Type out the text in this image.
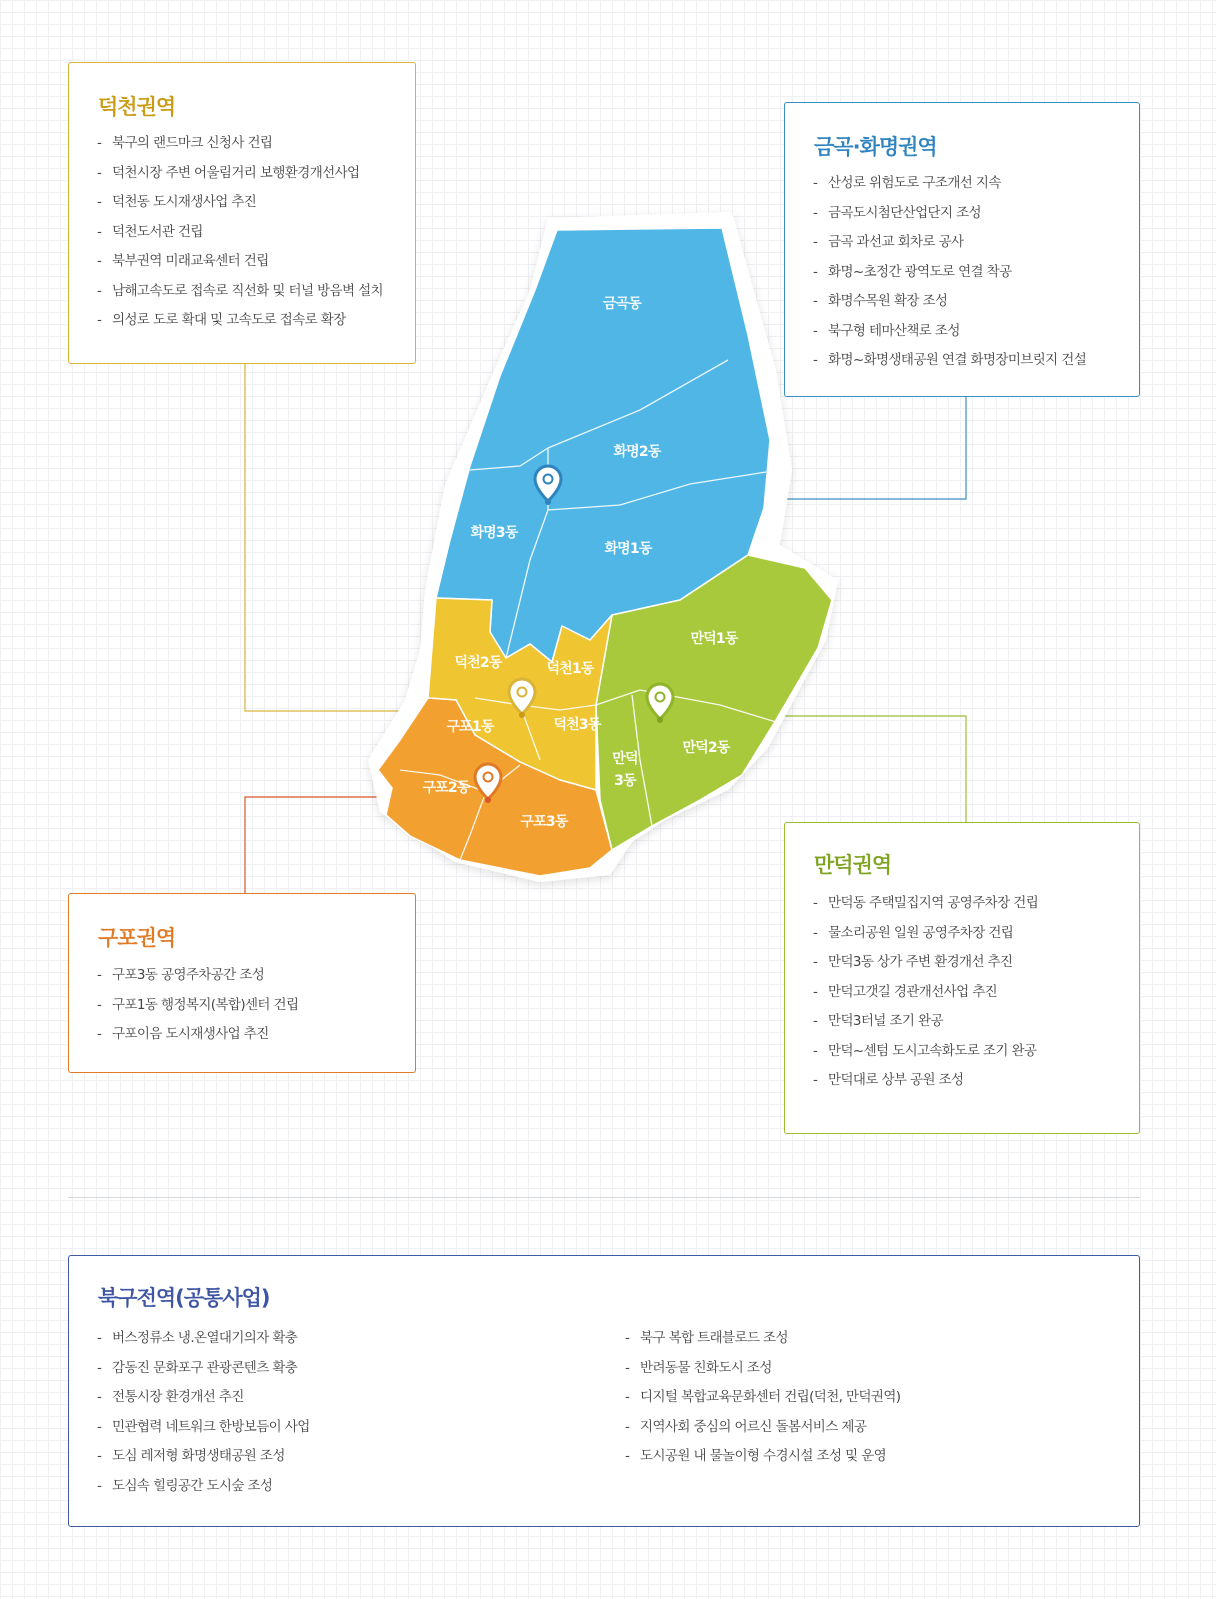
금곡동
화명2동
화명3동
화명1동
만덕1동
덕천2동	덕천1동
덕천3동
구포1동
만덕2동
만덕
3동
구포2동
구포3동
덕천권역
- 북구의 랜드마크 신청사 건립
- 덕천시장 주변 어울림거리 보행환경개선사업
- 덕천동 도시재생사업 추진
- 덕천도서관 건립
- 북부권역 미래교육센터 건립
- 남해고속도로 접속로 직선화 및 터널 방음벽 설치
- 의성로 도로 확대 및 고속도로 접속로 확장
금곡·화명권역
- 산성로 위험도로 구조개선 지속
- 금곡도시첨단산업단지 조성
- 금곡 과선교 회차로 공사
- 화명~초정간 광역도로 연결 착공
- 화명수목원 확장 조성
- 북구형 테마산책로 조성
- 화명~화명생태공원 연결 화명장미브릿지 건설
만덕권역
- 만덕동 주택밀집지역 공영주차장 건립
- 물소리공원 일원 공영주차장 건립
- 만덕3동 상가 주변 환경개선 추진
- 만덕고갯길 경관개선사업 추진
- 만덕3터널 조기 완공
- 만덕~센텀 도시고속화도로 조기 완공
- 만덕대로 상부 공원 조성
구포권역
- 구포3동 공영주차공간 조성
- 구포1동 행정복지(복합)센터 건립
- 구포이음 도시재생사업 추진
북구전역(공통사업)
- 버스정류소 냉.온열대기의자 확충
- 감동진 문화포구 관광콘텐츠 확충
- 전통시장 환경개선 추진
- 민관협력 네트워크 한방보듬이 사업
- 도심 레저형 화명생태공원 조성
- 도심속 힐링공간 도시숲 조성
- 북구 복합 트래블로드 조성
- 반려동물 친화도시 조성
- 디지털 복합교육문화센터 건립(덕천, 만덕권역)
- 지역사회 중심의 어르신 돌봄서비스 제공
- 도시공원 내 물놀이형 수경시설 조성 및 운영
